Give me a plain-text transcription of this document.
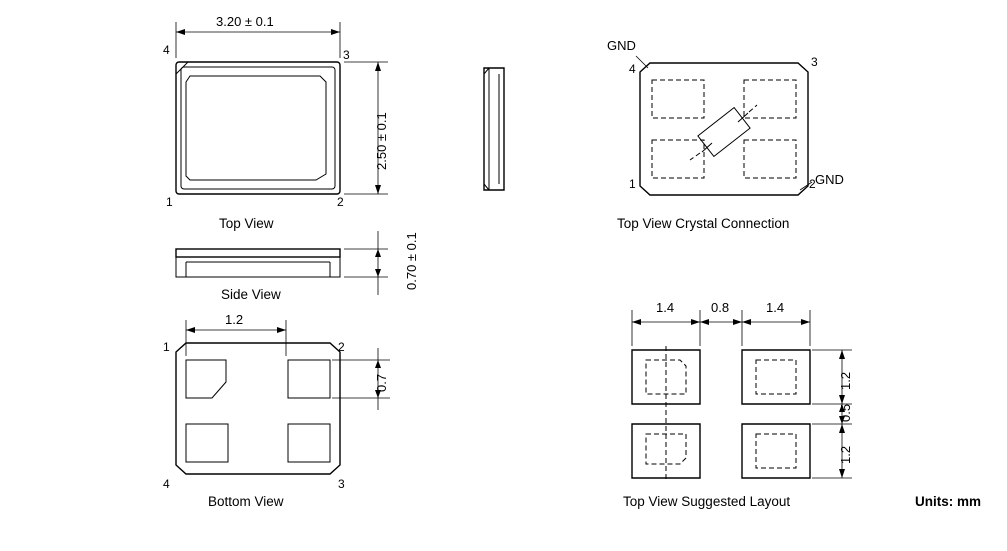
3.20 ± 0.1
2.50 ± 0.1
4	3
1	2
Top View
0.70 ± 0.1
Side View
1.2
0.7
1	2
4	3
Bottom View
GND
GND
4	3
1	2
Top View Crystal Connection
1.4	0.8	1.4
1.2
0.5
1.2
Top View Suggested Layout	Units: mm
